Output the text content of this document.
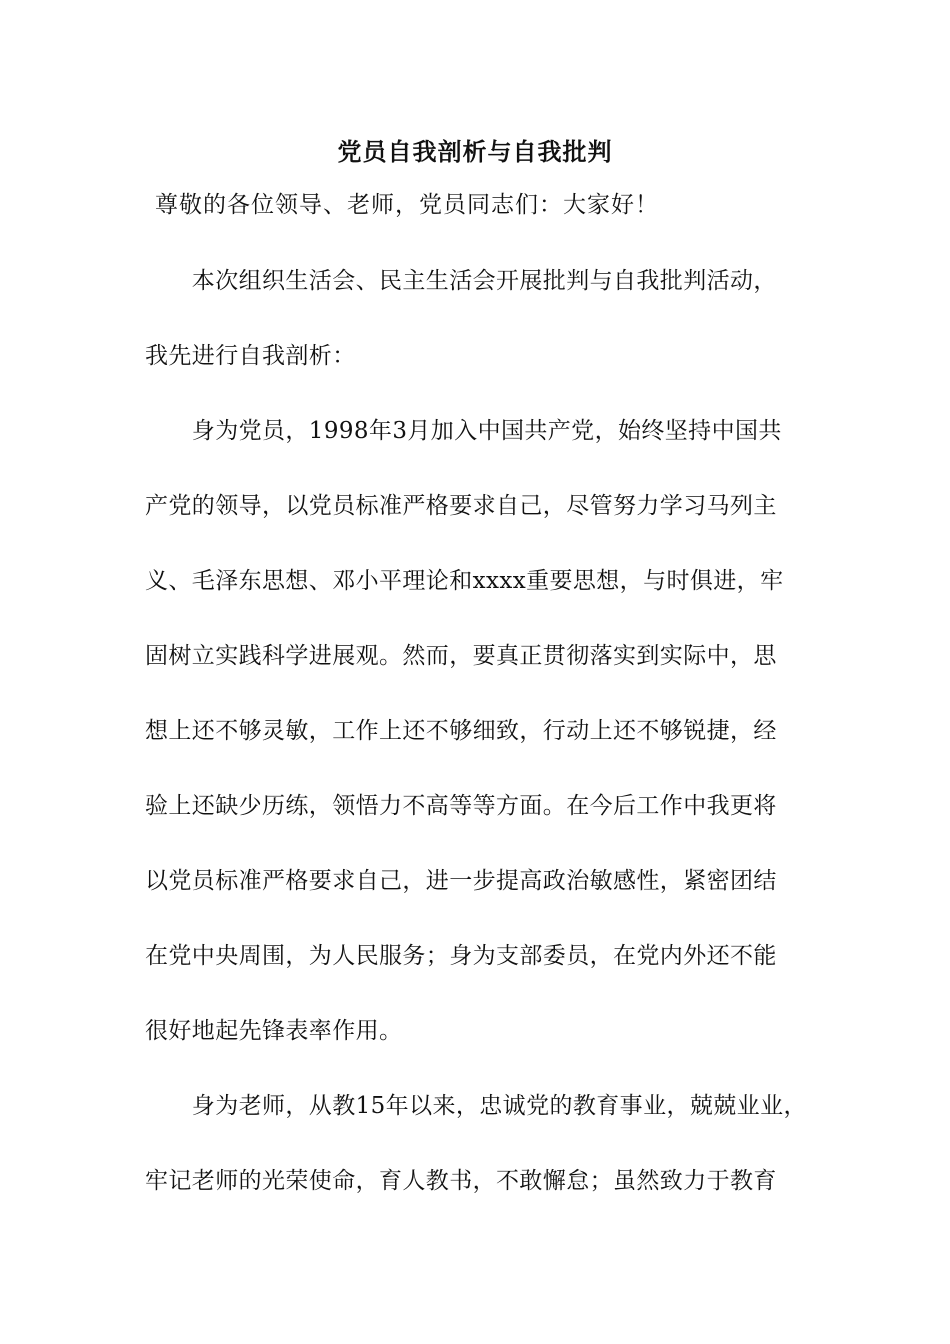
党员自我剖析与自我批判
尊敬的各位领导、老师，党员同志们：大家好！
　　本次组织生活会、民主生活会开展批判与自我批判活动，
我先进行自我剖析：
　　身为党员，1998年3月加入中国共产党，始终坚持中国共
产党的领导，以党员标准严格要求自己，尽管努力学习马列主
义、毛泽东思想、邓小平理论和xxxx重要思想，与时俱进，牢
固树立实践科学进展观。然而，要真正贯彻落实到实际中，思
想上还不够灵敏，工作上还不够细致，行动上还不够锐捷，经
验上还缺少历练，领悟力不高等等方面。在今后工作中我更将
以党员标准严格要求自己，进一步提高政治敏感性，紧密团结
在党中央周围，为人民服务；身为支部委员，在党内外还不能
很好地起先锋表率作用。
　　身为老师，从教15年以来，忠诚党的教育事业，兢兢业业，
牢记老师的光荣使命，育人教书，不敢懈怠；虽然致力于教育
